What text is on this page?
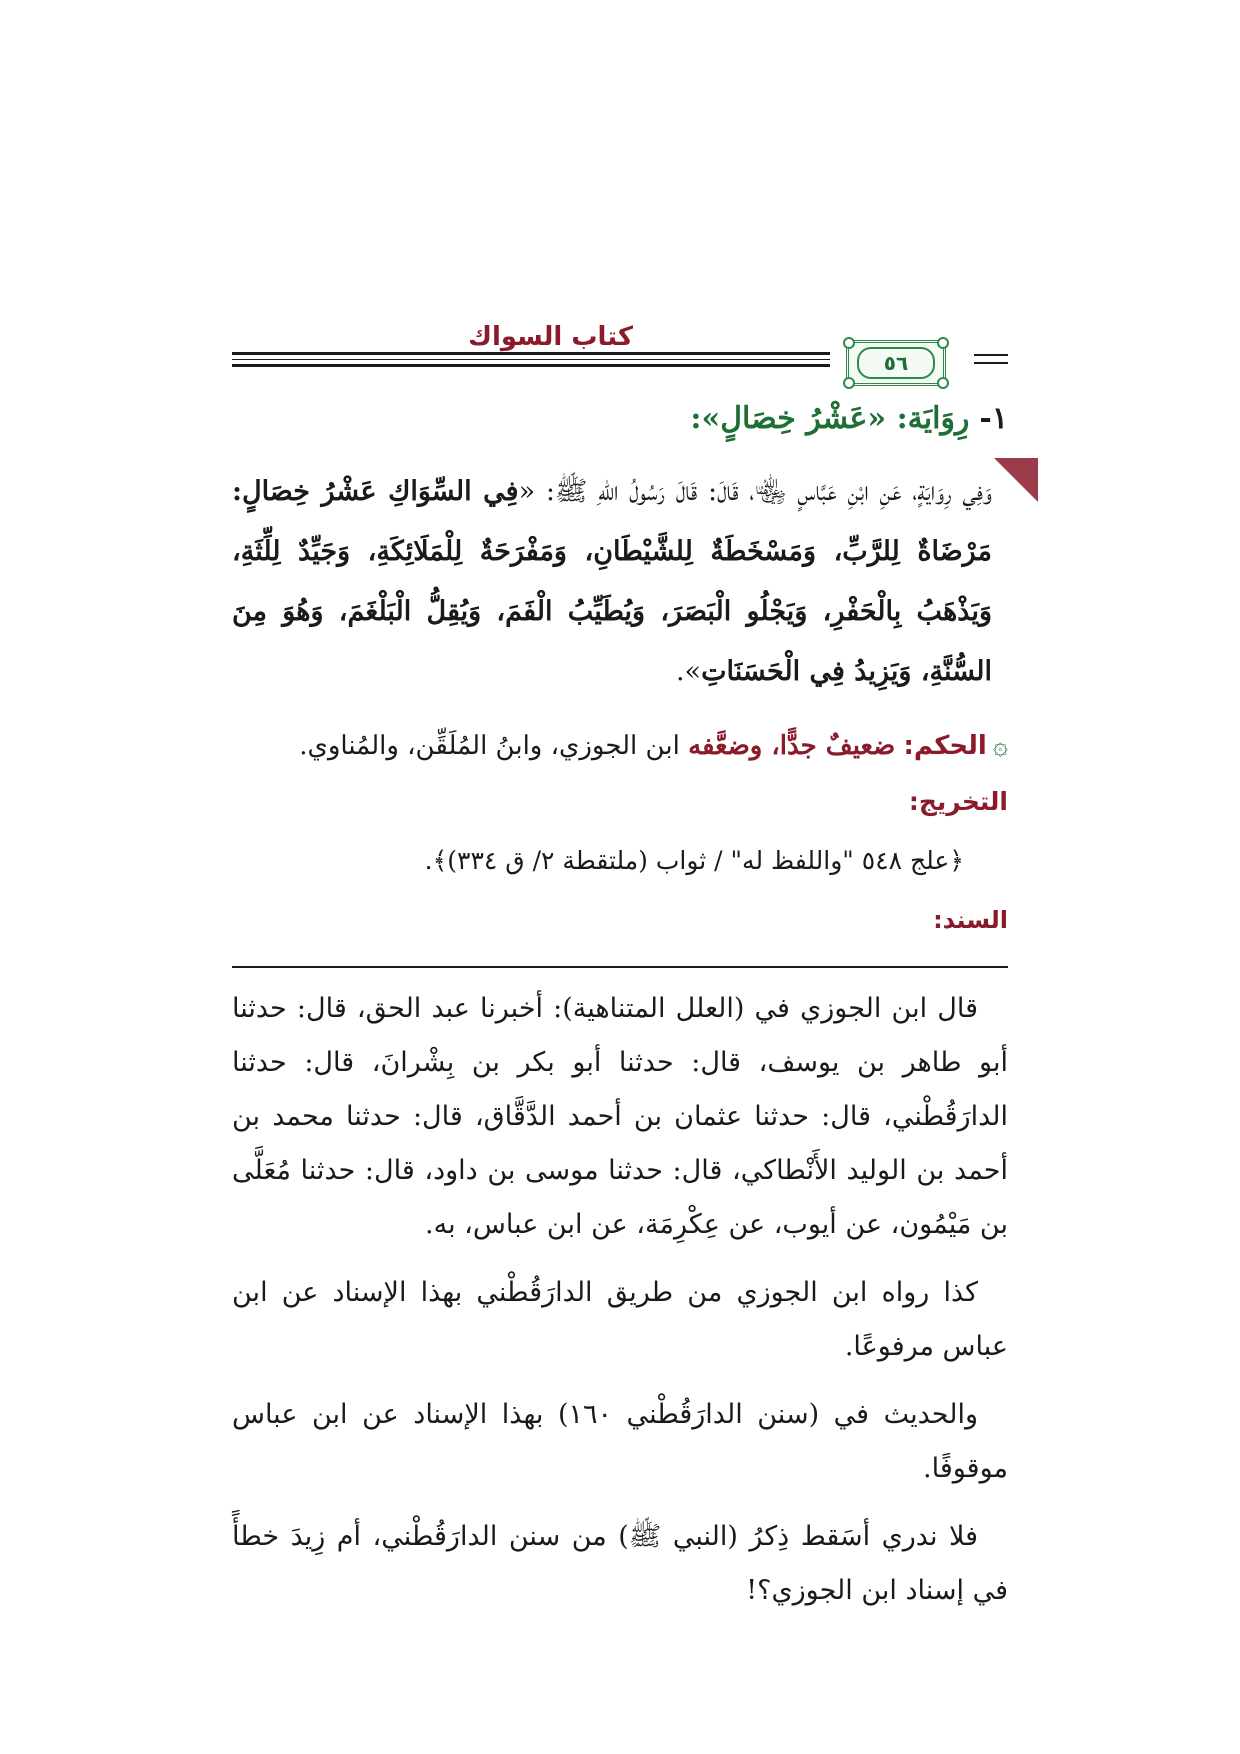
كتاب السواك
٥٦
١-رِوَايَة: «عَشْرُ خِصَالٍ»:
وَفِي رِوَايَةٍ، عَنِ ابْنِ عَبَّاسٍ ﵄، قَالَ: قَالَ رَسُولُ اللهِ ﷺ: «فِي السِّوَاكِ عَشْرُ خِصَالٍ: مَرْضَاةٌ لِلرَّبِّ، وَمَسْخَطَةٌ لِلشَّيْطَانِ، وَمَفْرَحَةٌ لِلْمَلَائِكَةِ، وَجَيِّدٌ لِلِّثَةِ، وَيَذْهَبُ بِالْحَفْرِ، وَيَجْلُو الْبَصَرَ، وَيُطَيِّبُ الْفَمَ، وَيُقِلُّ الْبَلْغَمَ، وَهُوَ مِنَ السُّنَّةِ، وَيَزِيدُ فِي الْحَسَنَاتِ».

۞الحكم: ضعيفٌ جدًّا، وضعَّفه ابن الجوزي، وابنُ المُلَقِّن، والمُناوي.

التخريج:

﴿علج ٥٤٨ "واللفظ له" / ثواب (ملتقطة ٢/ ق ٣٣٤)﴾.

السند:

قال ابن الجوزي في (العلل المتناهية): أخبرنا عبد الحق، قال: حدثنا أبو طاهر بن يوسف، قال: حدثنا أبو بكر بن بِشْرانَ، قال: حدثنا الدارَقُطْني، قال: حدثنا عثمان بن أحمد الدَّقَّاق، قال: حدثنا محمد بن أحمد بن الوليد الأَنْطاكي، قال: حدثنا موسى بن داود، قال: حدثنا مُعَلَّى بن مَيْمُون، عن أيوب، عن عِكْرِمَة، عن ابن عباس، به.

كذا رواه ابن الجوزي من طريق الدارَقُطْني بهذا الإسناد عن ابن عباس مرفوعًا.

والحديث في (سنن الدارَقُطْني ١٦٠) بهذا الإسناد عن ابن عباس موقوفًا.

فلا ندري أسَقط ذِكرُ (النبي ﷺ) من سنن الدارَقُطْني، أم زِيدَ خطأً في إسناد ابن الجوزي؟!
